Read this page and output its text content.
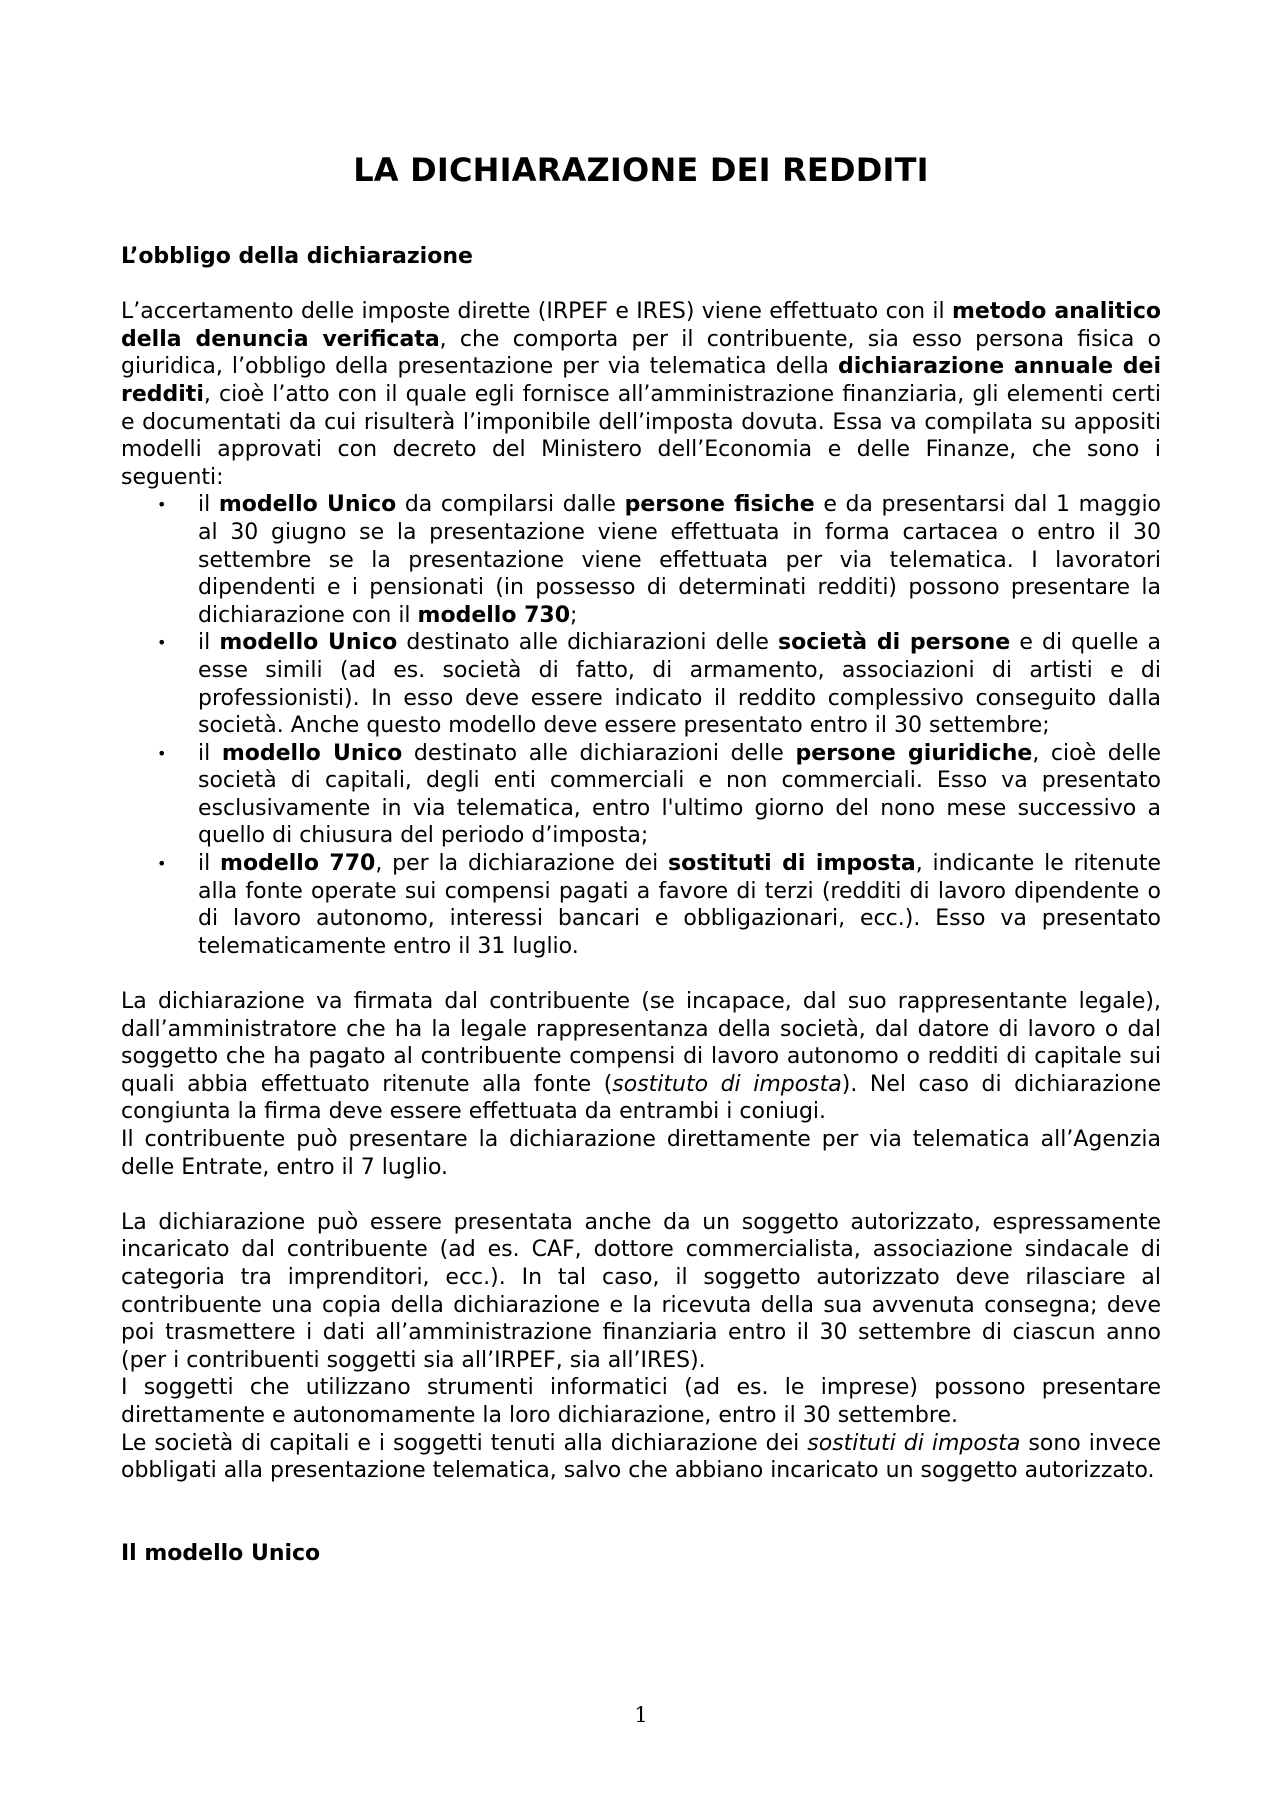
LA DICHIARAZIONE DEI REDDITI
L’obbligo della dichiarazione

L’accertamento delle imposte dirette (IRPEF e IRES) viene effettuato con il metodo analitico della denuncia verificata, che comporta per il contribuente, sia esso persona fisica o giuridica, l’obbligo della presentazione per via telematica della dichiarazione annuale dei redditi, cioè l’atto con il quale egli fornisce all’amministrazione finanziaria, gli elementi certi e documentati da cui risulterà l’imponibile dell’imposta dovuta. Essa va compilata su appositi modelli approvati con decreto del Ministero dell’Economia e delle Finanze, che sono i seguenti:

• il modello Unico da compilarsi dalle persone fisiche e da presentarsi dal 1 maggio al 30 giugno se la presentazione viene effettuata in forma cartacea o entro il 30 settembre se la presentazione viene effettuata per via telematica. I lavoratori dipendenti e i pensionati (in possesso di determinati redditi) possono presentare la dichiarazione con il modello 730;
• il modello Unico destinato alle dichiarazioni delle società di persone e di quelle a esse simili (ad es. società di fatto, di armamento, associazioni di artisti e di professionisti). In esso deve essere indicato il reddito complessivo conseguito dalla società. Anche questo modello deve essere presentato entro il 30 settembre;
• il modello Unico destinato alle dichiarazioni delle persone giuridiche, cioè delle società di capitali, degli enti commerciali e non commerciali. Esso va presentato esclusivamente in via telematica, entro l'ultimo giorno del nono mese successivo a quello di chiusura del periodo d’imposta;
• il modello 770, per la dichiarazione dei sostituti di imposta, indicante le ritenute alla fonte operate sui compensi pagati a favore di terzi (redditi di lavoro dipendente o di lavoro autonomo, interessi bancari e obbligazionari, ecc.). Esso va presentato telematicamente entro il 31 luglio.

La dichiarazione va firmata dal contribuente (se incapace, dal suo rappresentante legale), dall’amministratore che ha la legale rappresentanza della società, dal datore di lavoro o dal soggetto che ha pagato al contribuente compensi di lavoro autonomo o redditi di capitale sui quali abbia effettuato ritenute alla fonte (sostituto di imposta). Nel caso di dichiarazione congiunta la firma deve essere effettuata da entrambi i coniugi.

Il contribuente può presentare la dichiarazione direttamente per via telematica all’Agenzia delle Entrate, entro il 7 luglio.

La dichiarazione può essere presentata anche da un soggetto autorizzato, espressamente incaricato dal contribuente (ad es. CAF, dottore commercialista, associazione sindacale di categoria tra imprenditori, ecc.). In tal caso, il soggetto autorizzato deve rilasciare al contribuente una copia della dichiarazione e la ricevuta della sua avvenuta consegna; deve poi trasmettere i dati all’amministrazione finanziaria entro il 30 settembre di ciascun anno (per i contribuenti soggetti sia all’IRPEF, sia all’IRES).

I soggetti che utilizzano strumenti informatici (ad es. le imprese) possono presentare direttamente e autonomamente la loro dichiarazione, entro il 30 settembre.

Le società di capitali e i soggetti tenuti alla dichiarazione dei sostituti di imposta sono invece obbligati alla presentazione telematica, salvo che abbiano incaricato un soggetto autorizzato.

Il modello Unico
1
